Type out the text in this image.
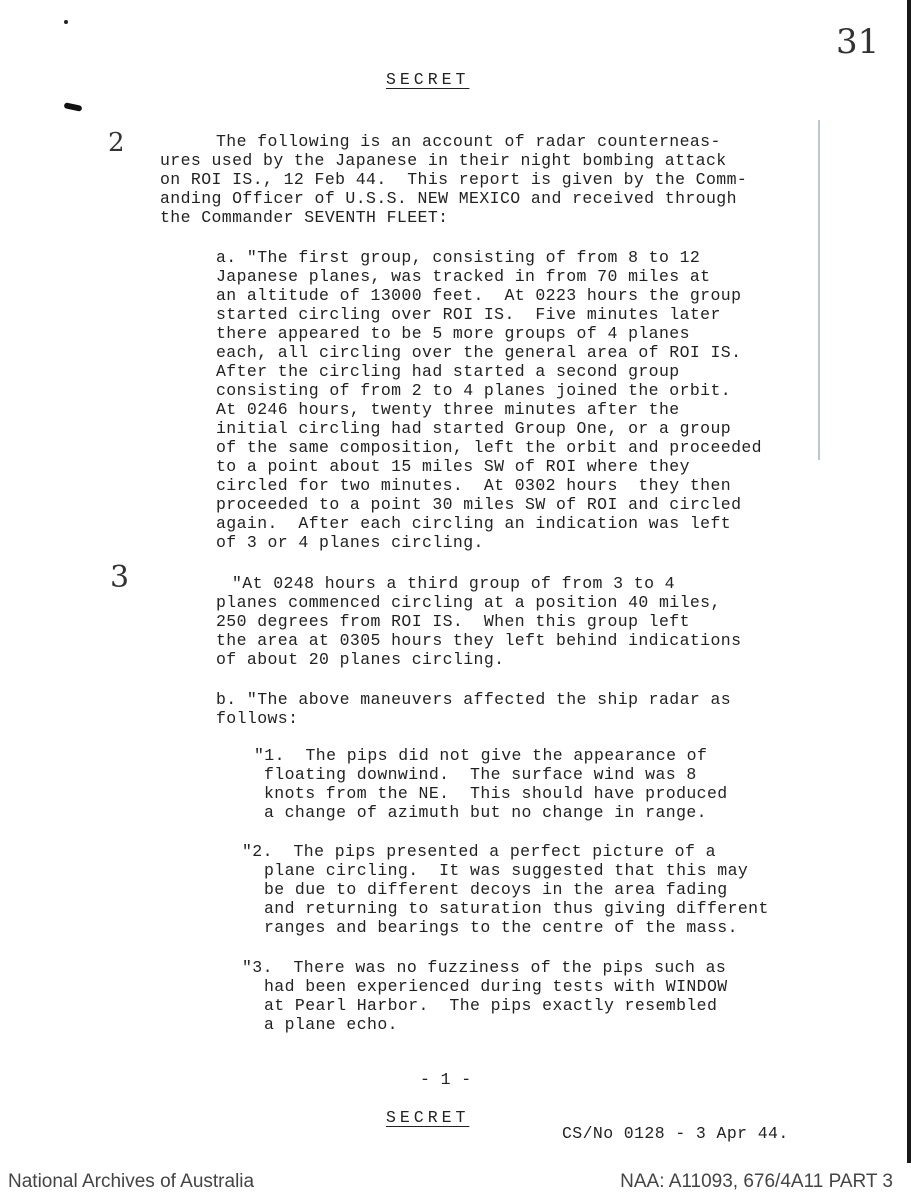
31
2
3
SECRET
The following is an account of radar counterneas-
ures used by the Japanese in their night bombing attack
on ROI IS., 12 Feb 44.  This report is given by the Comm-
anding Officer of U.S.S. NEW MEXICO and received through
the Commander SEVENTH FLEET:
a. "The first group, consisting of from 8 to 12
Japanese planes, was tracked in from 70 miles at
an altitude of 13000 feet.  At 0223 hours the group
started circling over ROI IS.  Five minutes later
there appeared to be 5 more groups of 4 planes
each, all circling over the general area of ROI IS.
After the circling had started a second group
consisting of from 2 to 4 planes joined the orbit.
At 0246 hours, twenty three minutes after the
initial circling had started Group One, or a group
of the same composition, left the orbit and proceeded
to a point about 15 miles SW of ROI where they
circled for two minutes.  At 0302 hours  they then
proceeded to a point 30 miles SW of ROI and circled
again.  After each circling an indication was left
of 3 or 4 planes circling.
"At 0248 hours a third group of from 3 to 4
planes commenced circling at a position 40 miles,
250 degrees from ROI IS.  When this group left
the area at 0305 hours they left behind indications
of about 20 planes circling.
b. "The above maneuvers affected the ship radar as
follows:
"1.  The pips did not give the appearance of
floating downwind.  The surface wind was 8
knots from the NE.  This should have produced
a change of azimuth but no change in range.
"2.  The pips presented a perfect picture of a
plane circling.  It was suggested that this may
be due to different decoys in the area fading
and returning to saturation thus giving different
ranges and bearings to the centre of the mass.
"3.  There was no fuzziness of the pips such as
had been experienced during tests with WINDOW
at Pearl Harbor.  The pips exactly resembled
a plane echo.
- 1 -
SECRET
CS/No 0128 - 3 Apr 44.
National Archives of Australia	NAA: A11093, 676/4A11 PART 3
